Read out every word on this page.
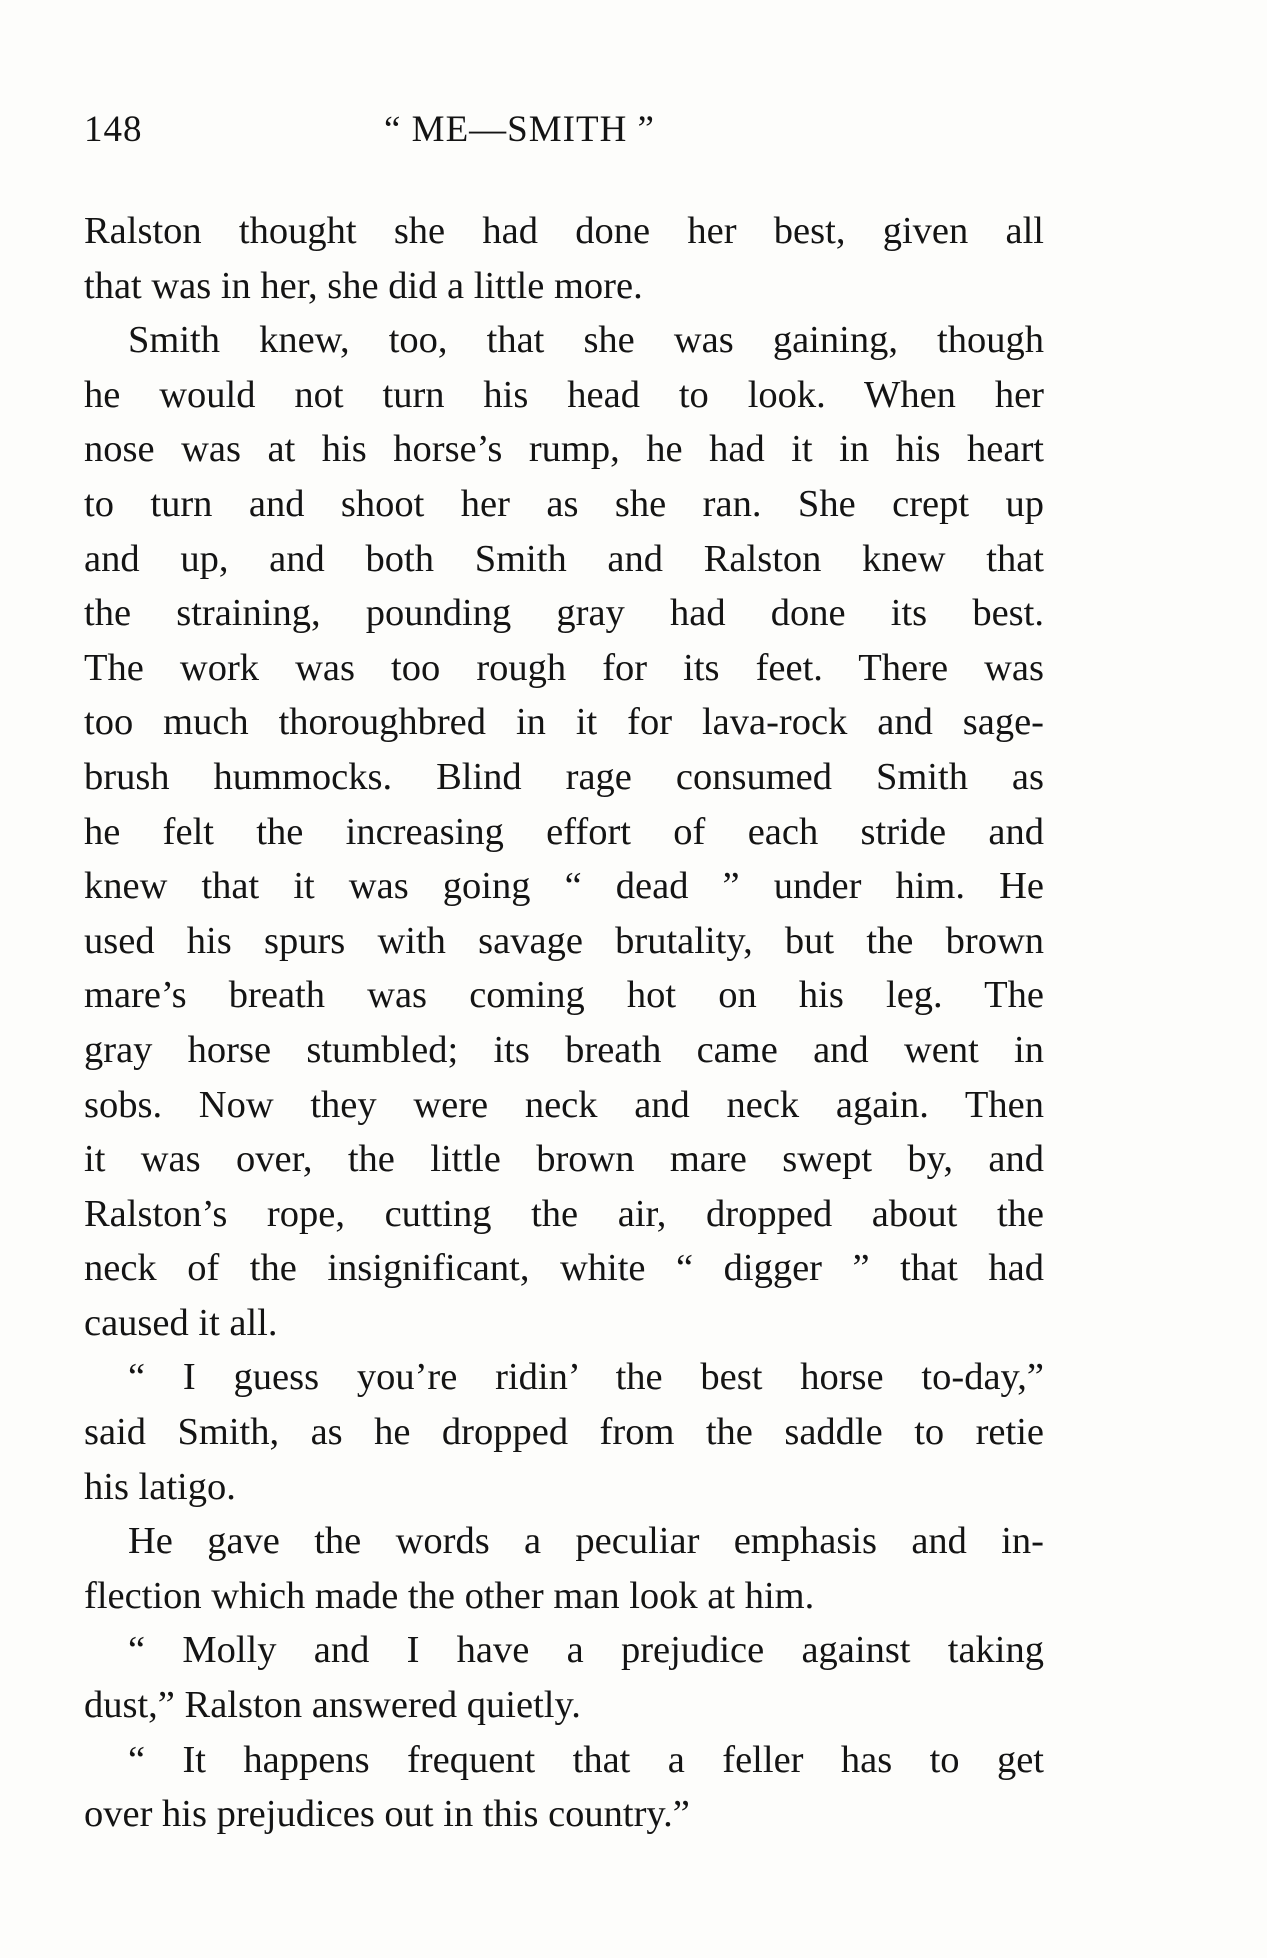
148	“ ME—SMITH ”
Ralston thought she had done her best, given all
that was in her, she did a little more.
Smith knew, too, that she was gaining, though
he would not turn his head to look. When her
nose was at his horse’s rump, he had it in his heart
to turn and shoot her as she ran. She crept up
and up, and both Smith and Ralston knew that
the straining, pounding gray had done its best.
The work was too rough for its feet. There was
too much thoroughbred in it for lava-rock and sage-
brush hummocks. Blind rage consumed Smith as
he felt the increasing effort of each stride and
knew that it was going “ dead ” under him. He
used his spurs with savage brutality, but the brown
mare’s breath was coming hot on his leg. The
gray horse stumbled; its breath came and went in
sobs. Now they were neck and neck again. Then
it was over, the little brown mare swept by, and
Ralston’s rope, cutting the air, dropped about the
neck of the insignificant, white “ digger ” that had
caused it all.
“ I guess you’re ridin’ the best horse to-day,”
said Smith, as he dropped from the saddle to retie
his latigo.
He gave the words a peculiar emphasis and in-
flection which made the other man look at him.
“ Molly and I have a prejudice against taking
dust,” Ralston answered quietly.
“ It happens frequent that a feller has to get
over his prejudices out in this country.”
